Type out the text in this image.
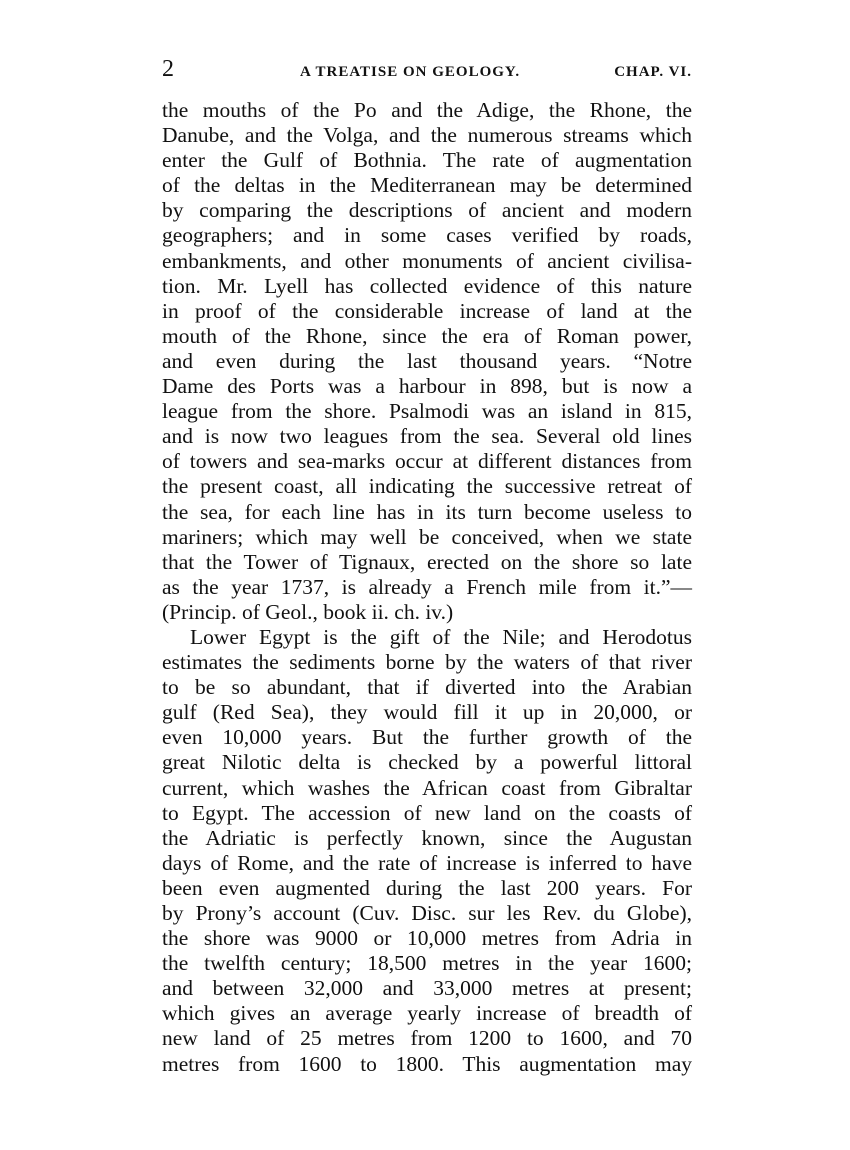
2	A TREATISE ON GEOLOGY.	CHAP. VI.
the mouths of the Po and the Adige, the Rhone, the
Danube, and the Volga, and the numerous streams which
enter the Gulf of Bothnia. The rate of augmentation
of the deltas in the Mediterranean may be determined
by comparing the descriptions of ancient and modern
geographers; and in some cases verified by roads,
embankments, and other monuments of ancient civilisa-
tion. Mr. Lyell has collected evidence of this nature
in proof of the considerable increase of land at the
mouth of the Rhone, since the era of Roman power,
and even during the last thousand years. “Notre
Dame des Ports was a harbour in 898, but is now a
league from the shore. Psalmodi was an island in 815,
and is now two leagues from the sea. Several old lines
of towers and sea-marks occur at different distances from
the present coast, all indicating the successive retreat of
the sea, for each line has in its turn become useless to
mariners; which may well be conceived, when we state
that the Tower of Tignaux, erected on the shore so late
as the year 1737, is already a French mile from it.”—
(Princip. of Geol., book ii. ch. iv.)
Lower Egypt is the gift of the Nile; and Herodotus
estimates the sediments borne by the waters of that river
to be so abundant, that if diverted into the Arabian
gulf (Red Sea), they would fill it up in 20,000, or
even 10,000 years. But the further growth of the
great Nilotic delta is checked by a powerful littoral
current, which washes the African coast from Gibraltar
to Egypt. The accession of new land on the coasts of
the Adriatic is perfectly known, since the Augustan
days of Rome, and the rate of increase is inferred to have
been even augmented during the last 200 years. For
by Prony’s account (Cuv. Disc. sur les Rev. du Globe),
the shore was 9000 or 10,000 metres from Adria in
the twelfth century; 18,500 metres in the year 1600;
and between 32,000 and 33,000 metres at present;
which gives an average yearly increase of breadth of
new land of 25 metres from 1200 to 1600, and 70
metres from 1600 to 1800. This augmentation may
